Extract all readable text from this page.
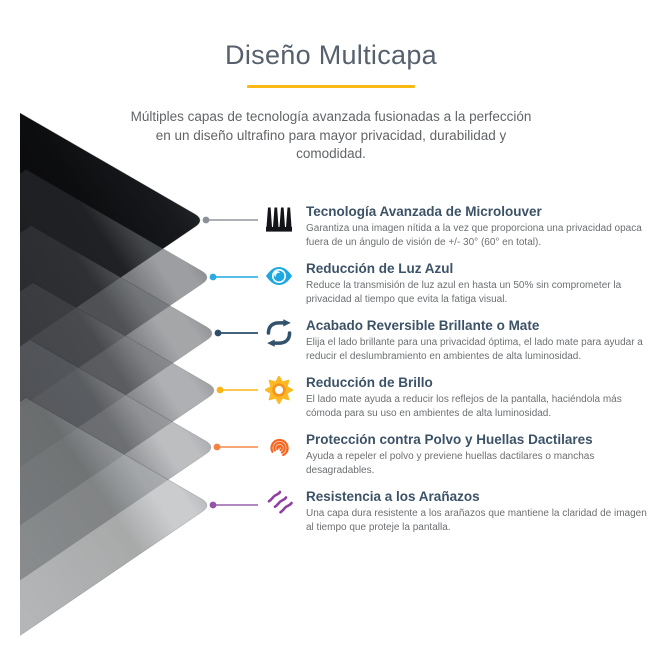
Diseño Multicapa
Múltiples capas de tecnología avanzada fusionadas a la perfección en un diseño ultrafino para mayor privacidad, durabilidad y comodidad.
Tecnología Avanzada de Microlouver
Garantiza una imagen nítida a la vez que proporciona una privacidad opaca fuera de un ángulo de visión de +/- 30° (60° en total).
Reducción de Luz Azul
Reduce la transmisión de luz azul en hasta un 50% sin comprometer la privacidad al tiempo que evita la fatiga visual.
Acabado Reversible Brillante o Mate
Elija el lado brillante para una privacidad óptima, el lado mate para ayudar a reducir el deslumbramiento en ambientes de alta luminosidad.
Reducción de Brillo
El lado mate ayuda a reducir los reflejos de la pantalla, haciéndola más cómoda para su uso en ambientes de alta luminosidad.
Protección contra Polvo y Huellas Dactilares
Ayuda a repeler el polvo y previene huellas dactilares o manchas desagradables.
Resistencia a los Arañazos
Una capa dura resistente a los arañazos que mantiene la claridad de imagen al tiempo que proteje la pantalla.
